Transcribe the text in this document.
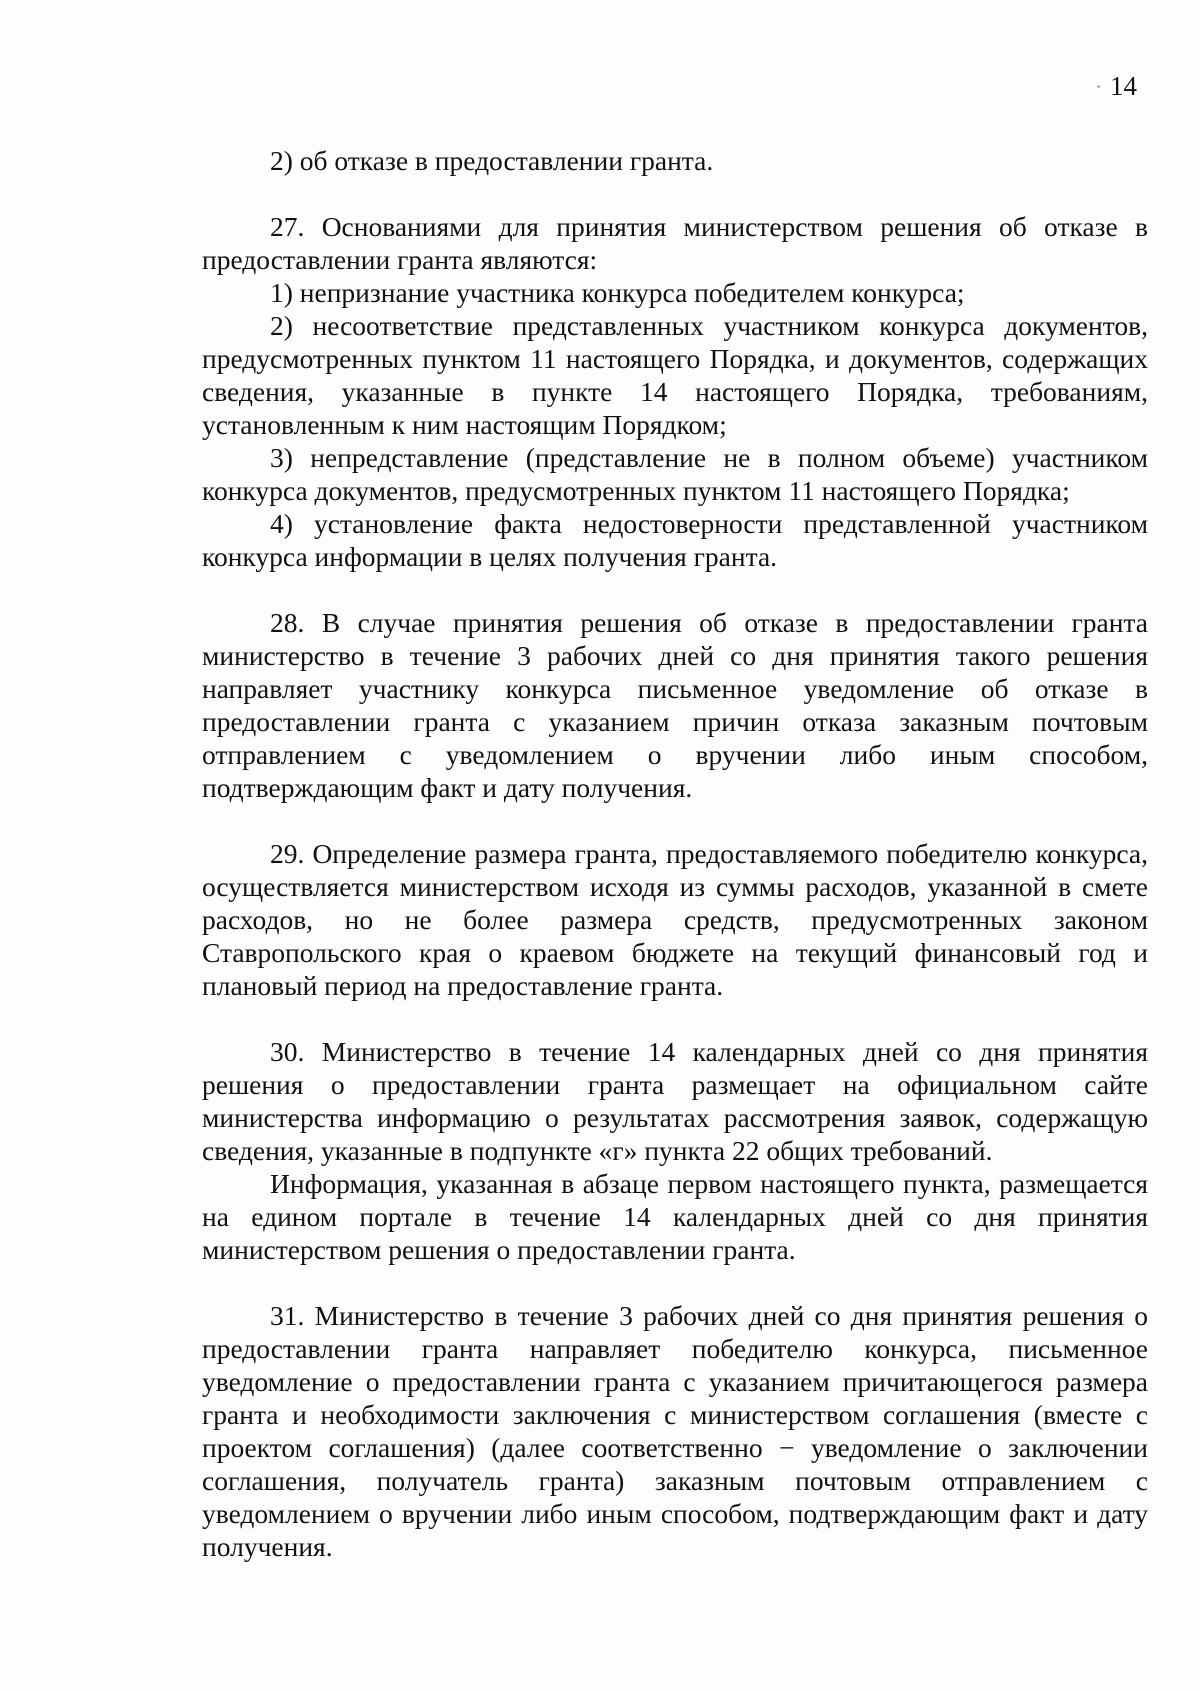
· 14

2) об отказе в предоставлении гранта.

27. Основаниями для принятия министерством решения об отказе в предоставлении гранта являются:

1) непризнание участника конкурса победителем конкурса;

2) несоответствие представленных участником конкурса документов, предусмотренных пунктом 11 настоящего Порядка, и документов, содержащих сведения, указанные в пункте 14 настоящего Порядка, требованиям, установленным к ним настоящим Порядком;

3) непредставление (представление не в полном объеме) участником конкурса документов, предусмотренных пунктом 11 настоящего Порядка;

4) установление факта недостоверности представленной участником конкурса информации в целях получения гранта.

28. В случае принятия решения об отказе в предоставлении гранта министерство в течение 3 рабочих дней со дня принятия такого решения направляет участнику конкурса письменное уведомление об отказе в предоставлении гранта с указанием причин отказа заказным почтовым отправлением с уведомлением о вручении либо иным способом, подтверждающим факт и дату получения.

29. Определение размера гранта, предоставляемого победителю конкурса, осуществляется министерством исходя из суммы расходов, указанной в смете расходов, но не более размера средств, предусмотренных законом Ставропольского края о краевом бюджете на текущий финансовый год и плановый период на предоставление гранта.

30. Министерство в течение 14 календарных дней со дня принятия решения о предоставлении гранта размещает на официальном сайте министерства информацию о результатах рассмотрения заявок, содержащую сведения, указанные в подпункте «г» пункта 22 общих требований.

Информация, указанная в абзаце первом настоящего пункта, размещается на едином портале в течение 14 календарных дней со дня принятия министерством решения о предоставлении гранта.

31. Министерство в течение 3 рабочих дней со дня принятия решения о предоставлении гранта направляет победителю конкурса, письменное уведомление о предоставлении гранта с указанием причитающегося размера гранта и необходимости заключения с министерством соглашения (вместе с проектом соглашения) (далее соответственно − уведомление о заключении соглашения, получатель гранта) заказным почтовым отправлением с уведомлением о вручении либо иным способом, подтверждающим факт и дату получения.
